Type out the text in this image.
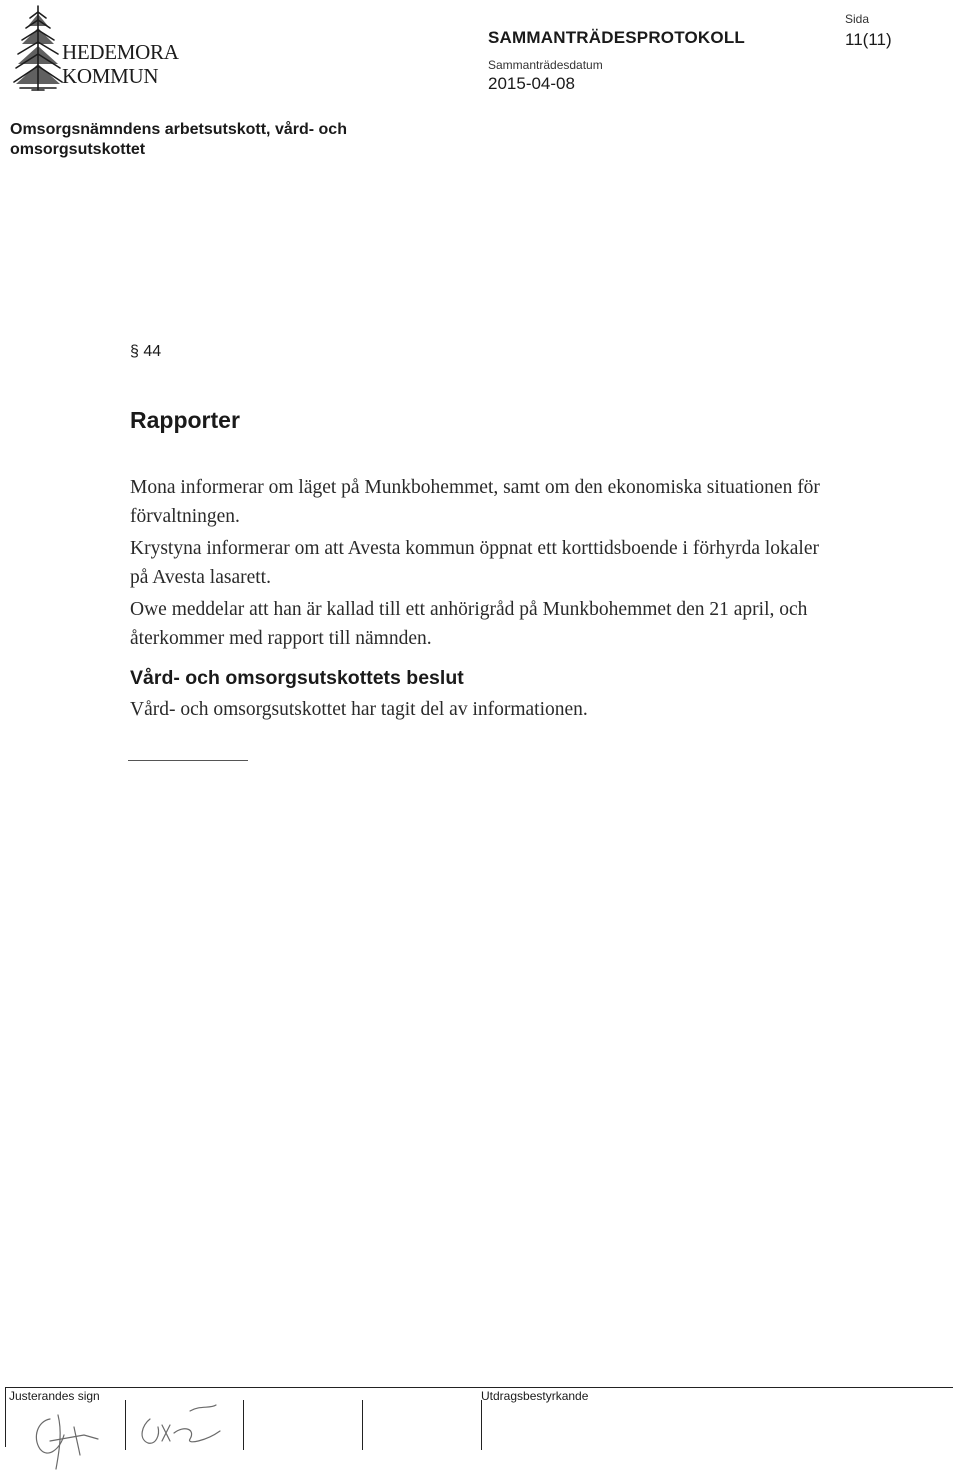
HEDEMORA
KOMMUN
SAMMANTRÄDESPROTOKOLL
Sammanträdesdatum
2015-04-08
Sida
11(11)
Omsorgsnämndens arbetsutskott, vård- och omsorgsutskottet
§ 44
Rapporter

Mona informerar om läget på Munkbohemmet, samt om den ekonomiska situationen för förvaltningen.

Krystyna informerar om att Avesta kommun öppnat ett korttidsboende i förhyrda lokaler på Avesta lasarett.

Owe meddelar att han är kallad till ett anhörigråd på Munkbohemmet den 21 april, och återkommer med rapport till nämnden.

Vård- och omsorgsutskottets beslut
Vård- och omsorgsutskottet har tagit del av informationen.
Justerandes sign	Utdragsbestyrkande
